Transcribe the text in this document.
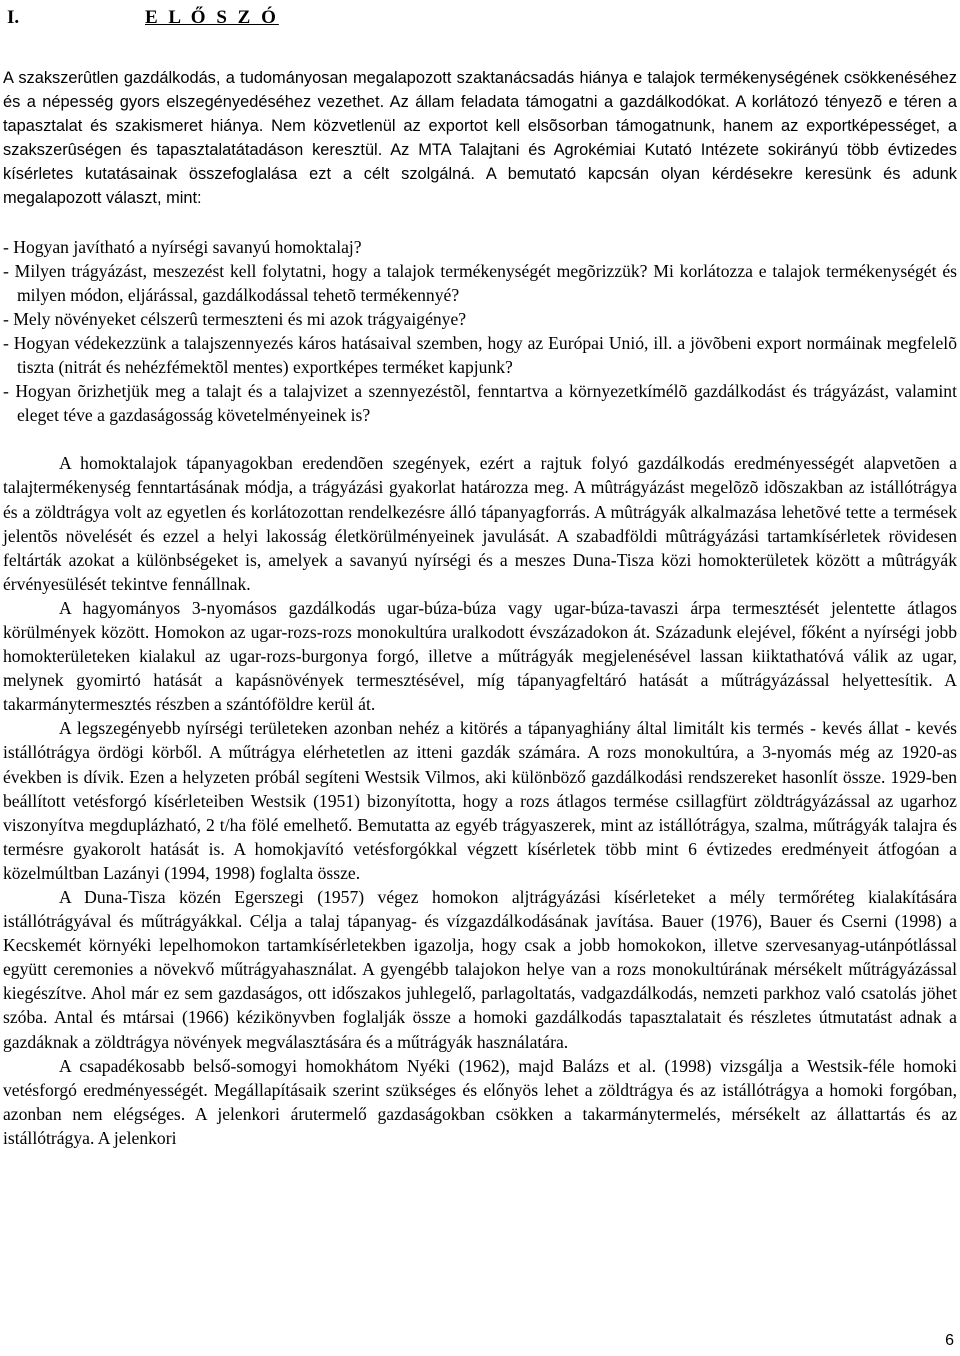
I.	E L Ő S Z Ó

A szakszerûtlen gazdálkodás, a tudományosan megalapozott szaktanácsadás hiánya e talajok termékenységének csökkenéséhez és a népesség gyors elszegényedéséhez vezethet. Az állam feladata támogatni a gazdálkodókat. A korlátozó tényezõ e téren a tapasztalat és szakismeret hiánya. Nem közvetlenül az exportot kell elsõsorban támogatnunk, hanem az exportképességet, a szakszerûségen és tapasztalatátadáson keresztül. Az MTA Talajtani és Agrokémiai Kutató Intézete sokirányú több évtizedes kísérletes kutatásainak összefoglalása ezt a célt szolgálná. A bemutató kapcsán olyan kérdésekre keresünk és adunk megalapozott választ, mint:

- Hogyan javítható a nyírségi savanyú homoktalaj?
- Milyen trágyázást, meszezést kell folytatni, hogy a talajok termékenységét megõrizzük? Mi korlátozza e talajok termékenységét és milyen módon, eljárással, gazdálkodással tehetõ termékennyé?
- Mely növényeket célszerû termeszteni és mi azok trágyaigénye?
- Hogyan védekezzünk a talajszennyezés káros hatásaival szemben, hogy az Európai Unió, ill. a jövõbeni export normáinak megfelelõ tiszta (nitrát és nehézfémektõl mentes) exportképes terméket kapjunk?
- Hogyan õrizhetjük meg a talajt és a talajvizet a szennyezéstõl, fenntartva a környezetkímélõ gazdálkodást és trágyázást, valamint eleget téve a gazdaságosság követelményeinek is?

A homoktalajok tápanyagokban eredendõen szegények, ezért a rajtuk folyó gazdálkodás eredményességét alapvetõen a talajtermékenység fenntartásának módja, a trágyázási gyakorlat határozza meg. A mûtrágyázást megelõzõ idõszakban az istállótrágya és a zöldtrágya volt az egyetlen és korlátozottan rendelkezésre álló tápanyagforrás. A mûtrágyák alkalmazása lehetõvé tette a termések jelentõs növelését és ezzel a helyi lakosság életkörülményeinek javulását. A szabadföldi mûtrágyázási tartamkísérletek rövidesen feltárták azokat a különbségeket is, amelyek a savanyú nyírségi és a meszes Duna-Tisza közi homokterületek között a mûtrágyák érvényesülését tekintve fennállnak.

A hagyományos 3-nyomásos gazdálkodás ugar-búza-búza vagy ugar-búza-tavaszi árpa termesztését jelentette átlagos körülmények között. Homokon az ugar-rozs-rozs monokultúra uralkodott évszázadokon át. Századunk elejével, főként a nyírségi jobb homokterületeken kialakul az ugar-rozs-burgonya forgó, illetve a műtrágyák megjelenésével lassan kiiktathatóvá válik az ugar, melynek gyomirtó hatását a kapásnövények termesztésével, míg tápanyagfeltáró hatását a műtrágyázással helyettesítik. A takarmánytermesztés részben a szántóföldre kerül át.

A legszegényebb nyírségi területeken azonban nehéz a kitörés a tápanyaghiány által limitált kis termés - kevés állat - kevés istállótrágya ördögi körből. A műtrágya elérhetetlen az itteni gazdák számára. A rozs monokultúra, a 3-nyomás még az 1920-as években is dívik. Ezen a helyzeten próbál segíteni Westsik Vilmos, aki különböző gazdálkodási rendszereket hasonlít össze. 1929-ben beállított vetésforgó kísérleteiben Westsik (1951) bizonyította, hogy a rozs átlagos termése csillagfürt zöldtrágyázással az ugarhoz viszonyítva megduplázható, 2 t/ha fölé emelhető. Bemutatta az egyéb trágyaszerek, mint az istállótrágya, szalma, műtrágyák talajra és termésre gyakorolt hatását is. A homokjavító vetésforgókkal végzett kísérletek több mint 6 évtizedes eredményeit átfogóan a közelmúltban Lazányi (1994, 1998) foglalta össze.

A Duna-Tisza közén Egerszegi (1957) végez homokon aljtrágyázási kísérleteket a mély termőréteg kialakítására istállótrágyával és műtrágyákkal. Célja a talaj tápanyag- és vízgazdálkodásának javítása. Bauer (1976), Bauer és Cserni (1998) a Kecskemét környéki lepelhomokon tartamkísérletekben igazolja, hogy csak a jobb homokokon, illetve szervesanyag-utánpótlással együtt ceremonies a növekvő műtrágyahasználat. A gyengébb talajokon helye van a rozs monokultúrának mérsékelt műtrágyázással kiegészítve. Ahol már ez sem gazdaságos, ott időszakos juhlegelő, parlagoltatás, vadgazdálkodás, nemzeti parkhoz való csatolás jöhet szóba. Antal és mtársai (1966) kézikönyvben foglalják össze a homoki gazdálkodás tapasztalatait és részletes útmutatást adnak a gazdáknak a zöldtrágya növények megválasztására és a műtrágyák használatára.

A csapadékosabb belső-somogyi homokhátom Nyéki (1962), majd Balázs et al. (1998) vizsgálja a Westsik-féle homoki vetésforgó eredményességét. Megállapításaik szerint szükséges és előnyös lehet a zöldtrágya és az istállótrágya a homoki forgóban, azonban nem elégséges. A jelenkori árutermelő gazdaságokban csökken a takarmánytermelés, mérsékelt az állattartás és az istállótrágya. A jelenkori

6
